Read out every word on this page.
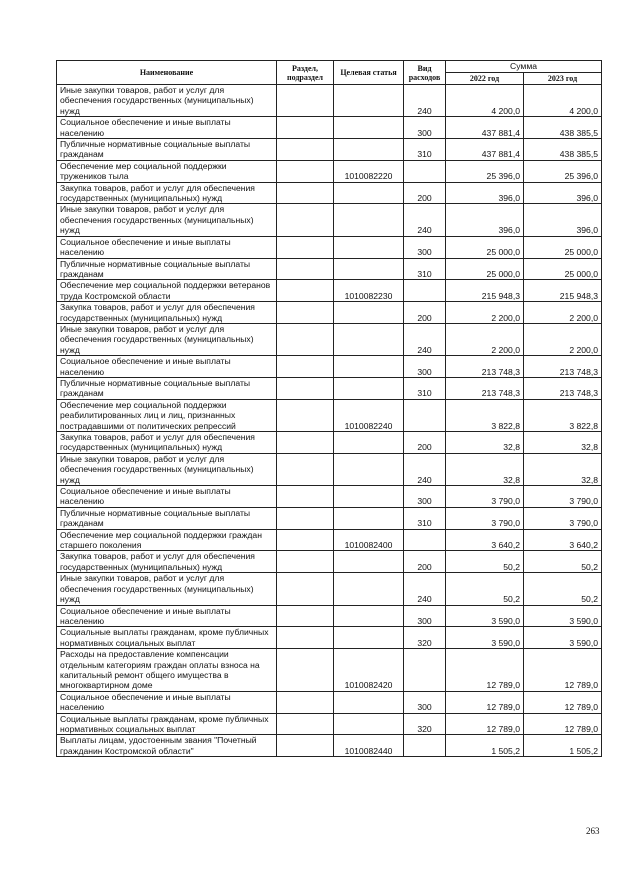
Наименование	Раздел, подраздел	Целевая статья	Вид расходов	Сумма	
				2022 год	2023 год
Иные закупки товаров, работ и услуг для обеспечения государственных (муниципальных) нужд			240	4 200,0	4 200,0
Социальное обеспечение и иные выплаты населению			300	437 881,4	438 385,5
Публичные нормативные социальные выплаты гражданам			310	437 881,4	438 385,5
Обеспечение мер социальной поддержки тружеников тыла		1010082220		25 396,0	25 396,0
Закупка товаров, работ и услуг для обеспечения государственных (муниципальных) нужд			200	396,0	396,0
Иные закупки товаров, работ и услуг для обеспечения государственных (муниципальных) нужд			240	396,0	396,0
Социальное обеспечение и иные выплаты населению			300	25 000,0	25 000,0
Публичные нормативные социальные выплаты гражданам			310	25 000,0	25 000,0
Обеспечение мер социальной поддержки ветеранов труда Костромской области		1010082230		215 948,3	215 948,3
Закупка товаров, работ и услуг для обеспечения государственных (муниципальных) нужд			200	2 200,0	2 200,0
Иные закупки товаров, работ и услуг для обеспечения государственных (муниципальных) нужд			240	2 200,0	2 200,0
Социальное обеспечение и иные выплаты населению			300	213 748,3	213 748,3
Публичные нормативные социальные выплаты гражданам			310	213 748,3	213 748,3
Обеспечение мер социальной поддержки реабилитированных лиц и лиц, признанных пострадавшими от политических репрессий		1010082240		3 822,8	3 822,8
Закупка товаров, работ и услуг для обеспечения государственных (муниципальных) нужд			200	32,8	32,8
Иные закупки товаров, работ и услуг для обеспечения государственных (муниципальных) нужд			240	32,8	32,8
Социальное обеспечение и иные выплаты населению			300	3 790,0	3 790,0
Публичные нормативные социальные выплаты гражданам			310	3 790,0	3 790,0
Обеспечение мер социальной поддержки граждан старшего поколения		1010082400		3 640,2	3 640,2
Закупка товаров, работ и услуг для обеспечения государственных (муниципальных) нужд			200	50,2	50,2
Иные закупки товаров, работ и услуг для обеспечения государственных (муниципальных) нужд			240	50,2	50,2
Социальное обеспечение и иные выплаты населению			300	3 590,0	3 590,0
Социальные выплаты гражданам, кроме публичных нормативных социальных выплат			320	3 590,0	3 590,0
Расходы на предоставление компенсации отдельным категориям граждан оплаты взноса на капитальный ремонт общего имущества в многоквартирном доме		1010082420		12 789,0	12 789,0
Социальное обеспечение и иные выплаты населению			300	12 789,0	12 789,0
Социальные выплаты гражданам, кроме публичных нормативных социальных выплат			320	12 789,0	12 789,0
Выплаты лицам, удостоенным звания "Почетный гражданин Костромской области"		1010082440		1 505,2	1 505,2
263
